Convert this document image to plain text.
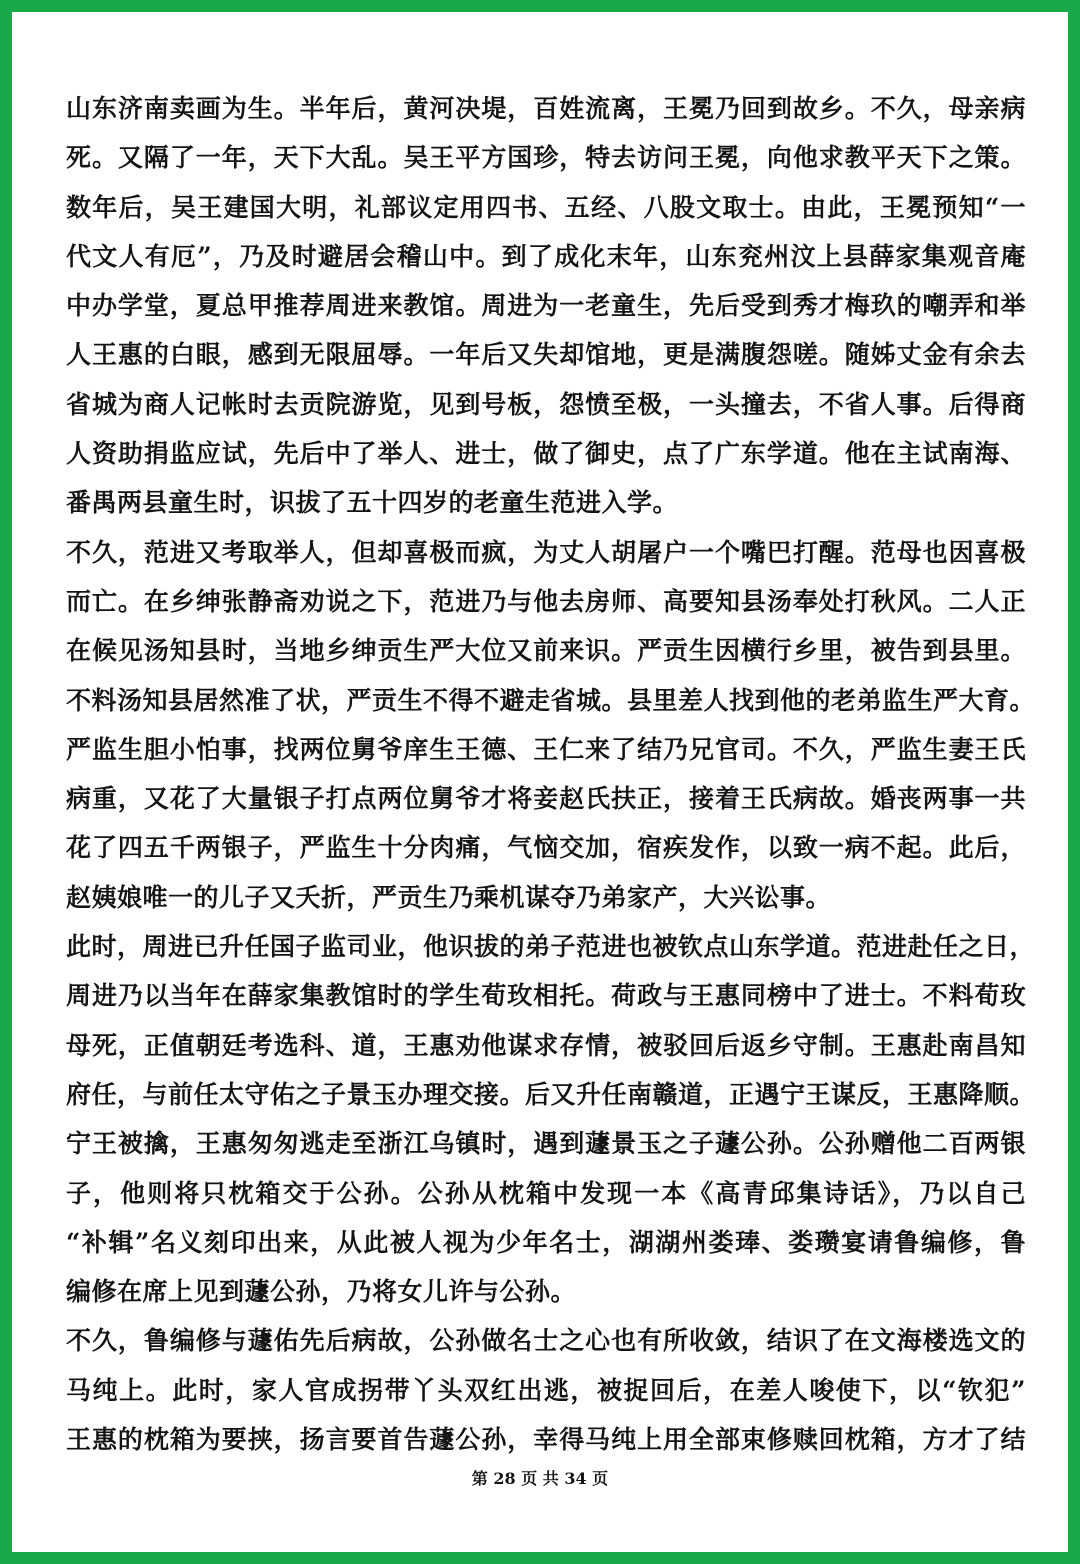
山东济南卖画为生。半年后，黄河决堤，百姓流离，王冕乃回到故乡。不久，母亲病
死。又隔了一年，天下大乱。吴王平方国珍，特去访问王冕，向他求教平天下之策。
数年后，吴王建国大明，礼部议定用四书、五经、八股文取士。由此，王冕预知“一
代文人有厄”，乃及时避居会稽山中。到了成化末年，山东兖州汶上县薛家集观音庵
中办学堂，夏总甲推荐周进来教馆。周进为一老童生，先后受到秀才梅玖的嘲弄和举
人王惠的白眼，感到无限屈辱。一年后又失却馆地，更是满腹怨嗟。随姊丈金有余去
省城为商人记帐时去贡院游览，见到号板，怨愤至极，一头撞去，不省人事。后得商
人资助捐监应试，先后中了举人、进士，做了御史，点了广东学道。他在主试南海、
番禺两县童生时，识拔了五十四岁的老童生范进入学。
不久，范进又考取举人，但却喜极而疯，为丈人胡屠户一个嘴巴打醒。范母也因喜极
而亡。在乡绅张静斋劝说之下，范进乃与他去房师、高要知县汤奉处打秋风。二人正
在候见汤知县时，当地乡绅贡生严大位又前来识。严贡生因横行乡里，被告到县里。
不料汤知县居然准了状，严贡生不得不避走省城。县里差人找到他的老弟监生严大育。
严监生胆小怕事，找两位舅爷庠生王德、王仁来了结乃兄官司。不久，严监生妻王氏
病重，又花了大量银子打点两位舅爷才将妾赵氏扶正，接着王氏病故。婚丧两事一共
花了四五千两银子，严监生十分肉痛，气恼交加，宿疾发作，以致一病不起。此后，
赵姨娘唯一的儿子又夭折，严贡生乃乘机谋夺乃弟家产，大兴讼事。
此时，周进已升任国子监司业，他识拔的弟子范进也被钦点山东学道。范进赴任之日，
周进乃以当年在薛家集教馆时的学生荀玫相托。荷政与王惠同榜中了进士。不料荀玫
母死，正值朝廷考选科、道，王惠劝他谋求存情，被驳回后返乡守制。王惠赴南昌知
府任，与前任太守佑之子景玉办理交接。后又升任南赣道，正遇宁王谋反，王惠降顺。
宁王被擒，王惠匆匆逃走至浙江乌镇时，遇到蘧景玉之子蘧公孙。公孙赠他二百两银
子，他则将只枕箱交于公孙。公孙从枕箱中发现一本《高青邱集诗话》，乃以自己
“补辑”名义刻印出来，从此被人视为少年名士，湖湖州娄琫、娄瓒宴请鲁编修，鲁
编修在席上见到蘧公孙，乃将女儿许与公孙。
不久，鲁编修与蘧佑先后病故，公孙做名士之心也有所收敛，结识了在文海楼选文的
马纯上。此时，家人官成拐带丫头双红出逃，被捉回后，在差人唆使下，以“钦犯”
王惠的枕箱为要挟，扬言要首告蘧公孙，幸得马纯上用全部束修赎回枕箱，方才了结
第 28 页 共 34 页
